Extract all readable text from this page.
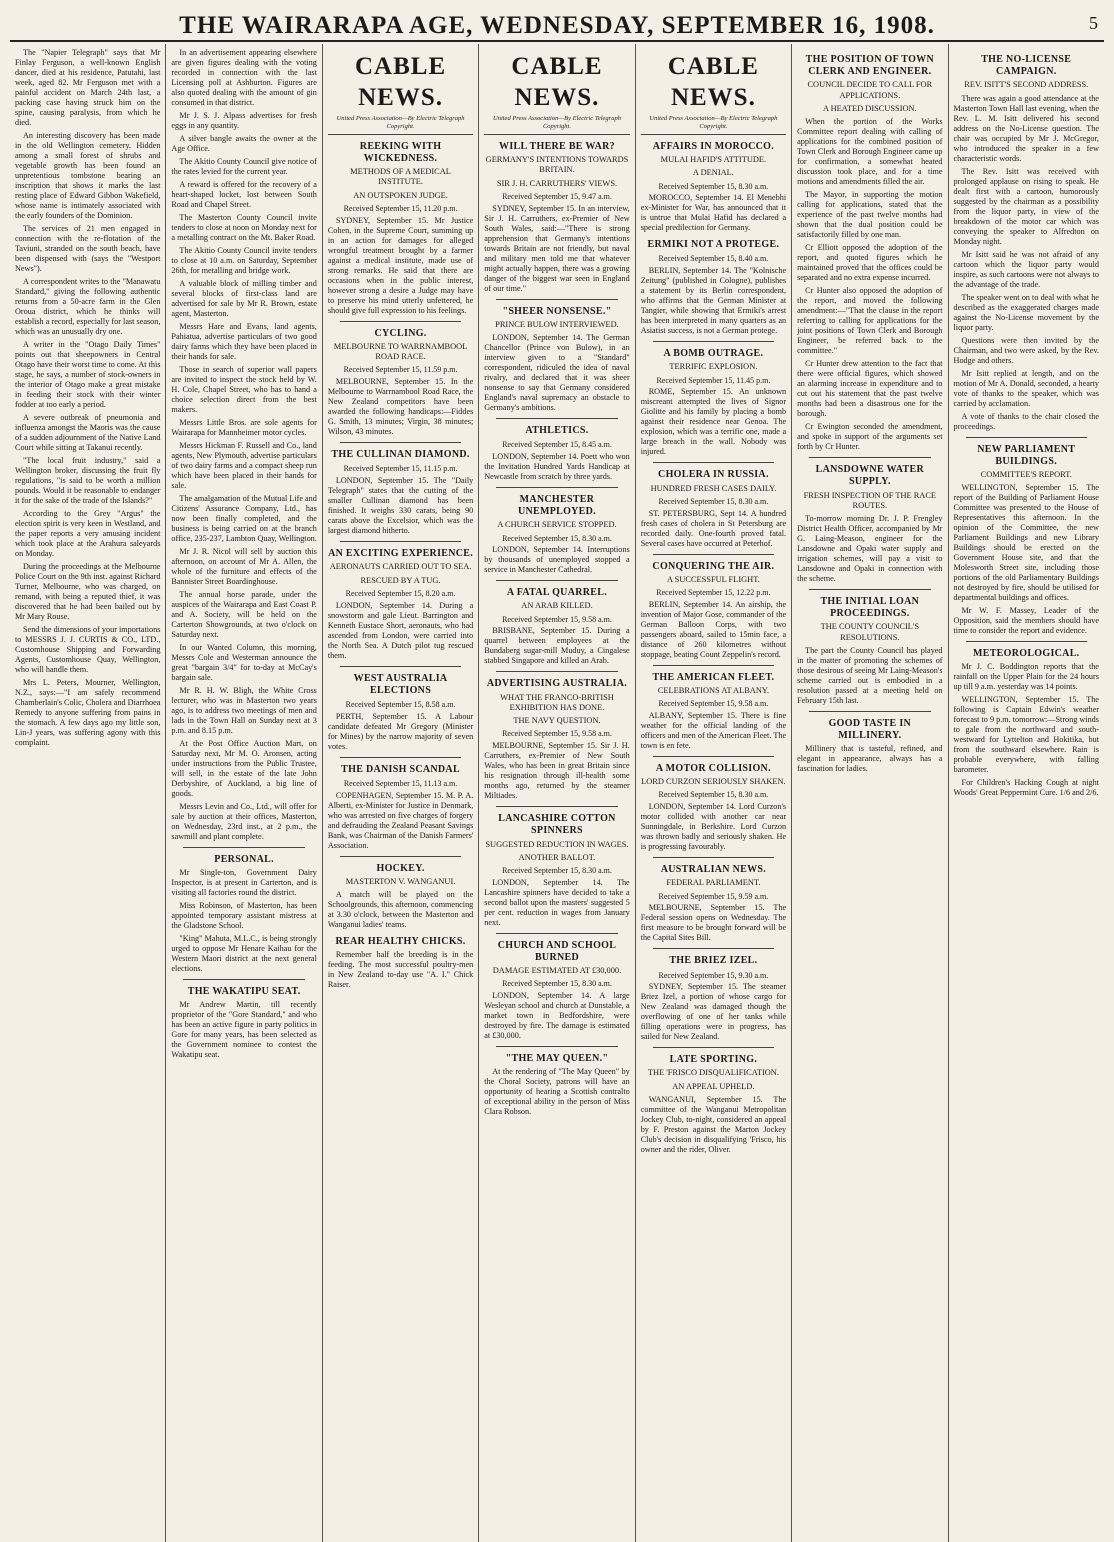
THE WAIRARAPA AGE, WEDNESDAY, SEPTEMBER 16, 1908.	5

The "Napier Telegraph" says that Mr Finlay Ferguson, a well-known English dancer, died at his residence, Patutahi, last week, aged 82. Mr Ferguson met with a painful accident on March 24th last, a packing case having struck him on the spine, causing paralysis, from which he died.

An interesting discovery has been made in the old Wellington cemetery. Hidden among a small forest of shrubs and vegetable growth has been found an unpretentious tombstone bearing an inscription that shows it marks the last resting place of Edward Gibbon Wakefield, whose name is intimately associated with the early founders of the Dominion.

The services of 21 men engaged in connection with the re-flotation of the Taviuni, stranded on the south beach, have been dispensed with (says the "Westport News").

A correspondent writes to the "Manawatu Standard," giving the following authentic returns from a 50-acre farm in the Glen Oroua district, which he thinks will establish a record, especially for last season, which was an unusually dry one.

A writer in the "Otago Daily Times" points out that sheepowners in Central Otago have their worst time to come. At this stage, he says, a number of stock-owners in the interior of Otago make a great mistake in feeding their stock with their winter fodder at too early a period.

A severe outbreak of pneumonia and influenza amongst the Maoris was the cause of a sudden adjournment of the Native Land Court while sitting at Takanui recently.

"The local fruit industry," said a Wellington broker, discussing the fruit fly regulations, "is said to be worth a million pounds. Would it be reasonable to endanger it for the sake of the trade of the Islands?"

According to the Grey "Argus" the election spirit is very keen in Westland, and the paper reports a very amusing incident which took place at the Arahura saleyards on Monday.

During the proceedings at the Melbourne Police Court on the 9th inst. against Richard Turner, Melbourne, who was charged, on remand, with being a reputed thief, it was discovered that he had been bailed out by Mr Mary Rouse.

Send the dimensions of your importations to MESSRS J. J. CURTIS & CO., LTD., Customhouse Shipping and Forwarding Agents, Customhouse Quay, Wellington, who will handle them.

Mrs L. Peters, Mourner, Wellington, N.Z., says:—"I am safely recommend Chamberlain's Colic, Cholera and Diarrhoea Remedy to anyone suffering from pains in the stomach. A few days ago my little son, Lin-J years, was suffering agony with this complaint.

In an advertisement appearing elsewhere are given figures dealing with the voting recorded in connection with the last Licensing poll at Ashburton. Figures are also quoted dealing with the amount of gin consumed in that district.

Mr J. S. J. Alpass advertises for fresh eggs in any quantity.

A silver bangle awaits the owner at the Age Office.

The Akitio County Council give notice of the rates levied for the current year.

A reward is offered for the recovery of a heart-shaped locket, lost between South Road and Chapel Street.

The Masterton County Council invite tenders to close at noon on Monday next for a metalling contract on the Mt. Baker Road.

The Akitio County Council invite tenders to close at 10 a.m. on Saturday, September 26th, for metalling and bridge work.

A valuable block of milling timber and several blocks of first-class land are advertised for sale by Mr R. Brown, estate agent, Masterton.

Messrs Hare and Evans, land agents, Pahiatua, advertise particulars of two good dairy farms which they have been placed in their hands for sale.

Those in search of superior wall papers are invited to inspect the stock held by W. H. Cole, Chapel Street, who has to hand a choice selection direct from the best makers.

Messrs Little Bros. are sole agents for Wairarapa for Mannheimer motor cycles.

Messrs Hickman F. Russell and Co., land agents, New Plymouth, advertise particulars of two dairy farms and a compact sheep run which have been placed in their hands for sale.

The amalgamation of the Mutual Life and Citizens' Assurance Company, Ltd., has now been finally completed, and the business is being carried on at the branch office, 235-237, Lambton Quay, Wellington.

Mr J. R. Nicol will sell by auction this afternoon, on account of Mr A. Allen, the whole of the furniture and effects of the Bannister Street Boardinghouse.

The annual horse parade, under the auspices of the Wairarapa and East Coast P. and A. Society, will be held on the Carterton Showgrounds, at two o'clock on Saturday next.

In our Wanted Column, this morning, Messrs Cole and Westerman announce the great "bargain 3/4" for to-day at McCay's bargain sale.

Mr R. H. W. Bligh, the White Cross lecturer, who was in Masterton two years ago, is to address two meetings of men and lads in the Town Hall on Sunday next at 3 p.m. and 8.15 p.m.

At the Post Office Auction Mart, on Saturday next, Mr M. O. Aronsen, acting under instructions from the Public Trustee, will sell, in the estate of the late John Derbyshire, of Auckland, a big line of goods.

Messrs Levin and Co., Ltd., will offer for sale by auction at their offices, Masterton, on Wednesday, 23rd inst., at 2 p.m., the sawmill and plant complete.

PERSONAL.

Mr Single-ton, Government Dairy Inspector, is at present in Carterton, and is visiting all factories round the district.

Miss Robinson, of Masterton, has been appointed temporary assistant mistress at the Gladstone School.

"King" Mahuta, M.L.C., is being strongly urged to oppose Mr Henare Kaihau for the Western Maori district at the next general elections.

THE WAKATIPU SEAT.

Mr Andrew Martin, till recently proprietor of the "Gore Standard," and who has been an active figure in party politics in Gore for many years, has been selected as the Government nominee to contest the Wakatipu seat.

CABLE NEWS.
United Press Association—By Electric Telegraph Copyright.
REEKING WITH WICKEDNESS.
METHODS OF A MEDICAL INSTITUTE.
AN OUTSPOKEN JUDGE.
Received September 15, 11.20 p.m.

SYDNEY, September 15. Mr Justice Cohen, in the Supreme Court, summing up in an action for damages for alleged wrongful treatment brought by a farmer against a medical institute, made use of strong remarks. He said that there are occasions when in the public interest, however strong a desire a Judge may have to preserve his mind utterly unfettered, he should give full expression to his feelings.

CYCLING.
MELBOURNE TO WARRNAMBOOL ROAD RACE.
Received September 15, 11.59 p.m.

MELBOURNE, September 15. In the Melbourne to Warrnambool Road Race, the New Zealand competitors have been awarded the following handicaps:—Fiddes G. Smith, 13 minutes; Virgin, 38 minutes; Wilson, 43 minutes.

THE CULLINAN DIAMOND.
Received September 15, 11.15 p.m.

LONDON, September 15. The "Daily Telegraph" states that the cutting of the smaller Cullinan diamond has been finished. It weighs 330 carats, being 90 carats above the Excelsior, which was the largest diamond hitherto.

AN EXCITING EXPERIENCE.
AERONAUTS CARRIED OUT TO SEA.
RESCUED BY A TUG.
Received September 15, 8.20 a.m.

LONDON, September 14. During a snowstorm and gale Lieut. Barrington and Kenneth Eustace Short, aeronauts, who had ascended from London, were carried into the North Sea. A Dutch pilot tug rescued them.

WEST AUSTRALIA ELECTIONS
Received September 15, 8.58 a.m.

PERTH, September 15. A Labour candidate defeated Mr Gregory (Minister for Mines) by the narrow majority of seven votes.

THE DANISH SCANDAL
Received September 15, 11.13 a.m.

COPENHAGEN, September 15. M. P. A. Alberti, ex-Minister for Justice in Denmark, who was arrested on five charges of forgery and defrauding the Zealand Peasant Savings Bank, was Chairman of the Danish Farmers' Association.

HOCKEY.
MASTERTON V. WANGANUI.

A match will be played on the Schoolgrounds, this afternoon, commencing at 3.30 o'clock, between the Masterton and Wanganui ladies' teams.

REAR HEALTHY CHICKS.

Remember half the breeding is in the feeding. The most successful poultry-men in New Zealand to-day use "A. I." Chick Raiser.

CABLE NEWS.
United Press Association—By Electric Telegraph Copyright.
WILL THERE BE WAR?
GERMANY'S INTENTIONS TOWARDS BRITAIN.
SIR J. H. CARRUTHERS' VIEWS.
Received September 15, 9.47 a.m.

SYDNEY, September 15. In an interview, Sir J. H. Carruthers, ex-Premier of New South Wales, said:—"There is strong apprehension that Germany's intentions towards Britain are not friendly, but naval and military men told me that whatever might actually happen, there was a growing danger of the biggest war seen in England of our time."

"SHEER NONSENSE."
PRINCE BULOW INTERVIEWED.

LONDON, September 14. The German Chancellor (Prince von Bulow), in an interview given to a "Standard" correspondent, ridiculed the idea of naval rivalry, and declared that it was sheer nonsense to say that Germany considered England's naval supremacy an obstacle to Germany's ambitions.

ATHLETICS.
Received September 15, 8.45 a.m.

LONDON, September 14. Poett who won the Invitation Hundred Yards Handicap at Newcastle from scratch by three yards.

MANCHESTER UNEMPLOYED.
A CHURCH SERVICE STOPPED.
Received September 15, 8.30 a.m.

LONDON, September 14. Interruptions by thousands of unemployed stopped a service in Manchester Cathedral.

A FATAL QUARREL.
AN ARAB KILLED.
Received September 15, 9.58 a.m.

BRISBANE, September 15. During a quarrel between employees at the Bundaberg sugar-mill Muduy, a Cingalese stabbed Singapore and killed an Arab.

ADVERTISING AUSTRALIA.
WHAT THE FRANCO-BRITISH EXHIBITION HAS DONE.
THE NAVY QUESTION.
Received September 15, 9.58 a.m.

MELBOURNE, September 15. Sir J. H. Carruthers, ex-Premier of New South Wales, who has been in great Britain since his resignation through ill-health some months ago, returned by the steamer Miltiades.

LANCASHIRE COTTON SPINNERS
SUGGESTED REDUCTION IN WAGES.
ANOTHER BALLOT.
Received September 15, 8.30 a.m.

LONDON, September 14. The Lancashire spinners have decided to take a second ballot upon the masters' suggested 5 per cent. reduction in wages from January next.

CHURCH AND SCHOOL BURNED
DAMAGE ESTIMATED AT £30,000.
Received September 15, 8.30 a.m.

LONDON, September 14. A large Wesleyan school and church at Dunstable, a market town in Bedfordshire, were destroyed by fire. The damage is estimated at £30,000.

"THE MAY QUEEN."

At the rendering of "The May Queen" by the Choral Society, patrons will have an opportunity of hearing a Scottish contralto of exceptional ability in the person of Miss Clara Robson.

CABLE NEWS.
United Press Association—By Electric Telegraph Copyright.
AFFAIRS IN MOROCCO.
MULAI HAFID'S ATTITUDE.
A DENIAL.
Received September 15, 8.30 a.m.

MOROCCO, September 14. El Menebhi ex-Minister for War, has announced that it is untrue that Mulai Hafid has declared a special predilection for Germany.

ERMIKI NOT A PROTEGE.
Received September 15, 8.40 a.m.

BERLIN, September 14. The "Kolnische Zeitung" (published in Cologne), publishes a statement by its Berlin correspondent, who affirms that the German Minister at Tangier, while showing that Ermiki's arrest has been interpreted in many quarters as an Asiatist success, is not a German protege.

A BOMB OUTRAGE.
TERRIFIC EXPLOSION.
Received September 15, 11.45 p.m.

ROME, September 15. An unknown miscreant attempted the lives of Signor Giolitte and his family by placing a bomb against their residence near Genoa. The explosion, which was a terrific one, made a large breach in the wall. Nobody was injured.

CHOLERA IN RUSSIA.
HUNDRED FRESH CASES DAILY.
Received September 15, 8.30 a.m.

ST. PETERSBURG, Sept 14. A hundred fresh cases of cholera in St Petersburg are recorded daily. One-fourth proved fatal. Several cases have occurred at Peterhof.

CONQUERING THE AIR.
A SUCCESSFUL FLIGHT.
Received September 15, 12.22 p.m.

BERLIN, September 14. An airship, the invention of Major Gose, commander of the German Balloon Corps, with two passengers aboard, sailed to 15min face, a distance of 260 kilometres without stoppage, beating Count Zeppelin's record.

THE AMERICAN FLEET.
CELEBRATIONS AT ALBANY.
Received September 15, 9.58 a.m.

ALBANY, September 15. There is fine weather for the official landing of the officers and men of the American Fleet. The town is en fete.

A MOTOR COLLISION.
LORD CURZON SERIOUSLY SHAKEN.
Received September 15, 8.30 a.m.

LONDON, September 14. Lord Curzon's motor collided with another car near Sunningdale, in Berkshire. Lord Curzon was thrown badly and seriously shaken. He is progressing favourably.

AUSTRALIAN NEWS.
FEDERAL PARLIAMENT.
Received September 15, 9.59 a.m.

MELBOURNE, September 15. The Federal session opens on Wednesday. The first measure to be brought forward will be the Capital Sites Bill.

THE BRIEZ IZEL.
Received September 15, 9.30 a.m.

SYDNEY, September 15. The steamer Briez Izel, a portion of whose cargo for New Zealand was damaged though the overflowing of one of her tanks while filling operations were in progress, has sailed for New Zealand.

LATE SPORTING.
THE 'FRISCO DISQUALIFICATION.
AN APPEAL UPHELD.

WANGANUI, September 15. The committee of the Wanganui Metropolitan Jockey Club, to-night, considered an appeal by F. Preston against the Marton Jockey Club's decision in disqualifying 'Frisco, his owner and the rider, Oliver.

THE POSITION OF TOWN CLERK AND ENGINEER.
COUNCIL DECIDE TO CALL FOR APPLICATIONS.
A HEATED DISCUSSION.

When the portion of the Works Committee report dealing with calling of applications for the combined position of Town Clerk and Borough Engineer came up for confirmation, a somewhat heated discussion took place, and for a time motions and amendments filled the air.

The Mayor, in supporting the motion calling for applications, stated that the experience of the past twelve months had shown that the dual position could be satisfactorily filled by one man.

Cr Elliott opposed the adoption of the report, and quoted figures which he maintained proved that the offices could be separated and no extra expense incurred.

Cr Hunter also opposed the adoption of the report, and moved the following amendment:—"That the clause in the report referring to calling for applications for the joint positions of Town Clerk and Borough Engineer, be referred back to the committee."

Cr Hunter drew attention to the fact that there were official figures, which showed an alarming increase in expenditure and to cut out his statement that the past twelve months had been a disastrous one for the borough.

Cr Ewington seconded the amendment, and spoke in support of the arguments set forth by Cr Hunter.

LANSDOWNE WATER SUPPLY.
FRESH INSPECTION OF THE RACE ROUTES.

To-morrow morning Dr. J. P. Frengley District Health Officer, accompanied by Mr G. Laing-Meason, engineer for the Lansdowne and Opaki water supply and irrigation schemes, will pay a visit to Lansdowne and Opaki in connection with the scheme.

THE INITIAL LOAN PROCEEDINGS.
THE COUNTY COUNCIL'S RESOLUTIONS.

The part the County Council has played in the matter of promoting the schemes of those desirous of seeing Mr Laing-Meason's scheme carried out is embodied in a resolution passed at a meeting held on February 15th last.

GOOD TASTE IN MILLINERY.

Millinery that is tasteful, refined, and elegant in appearance, always has a fascination for ladies.

THE NO-LICENSE CAMPAIGN.
REV. ISITT'S SECOND ADDRESS.

There was again a good attendance at the Masterton Town Hall last evening, when the Rev. L. M. Isitt delivered his second address on the No-License question. The chair was occupied by Mr J. McGregor, who introduced the speaker in a few characteristic words.

The Rev. Isitt was received with prolonged applause on rising to speak. He dealt first with a cartoon, humorously suggested by the chairman as a possibility from the liquor party, in view of the breakdown of the motor car which was conveying the speaker to Alfredton on Monday night.

Mr Isitt said he was not afraid of any cartoon which the liquor party would inspire, as such cartoons were not always to the advantage of the trade.

The speaker went on to deal with what he described as the exaggerated charges made against the No-License movement by the liquor party.

Questions were then invited by the Chairman, and two were asked, by the Rev. Hodge and others.

Mr Isitt replied at length, and on the motion of Mr A. Donald, seconded, a hearty vote of thanks to the speaker, which was carried by acclamation.

A vote of thanks to the chair closed the proceedings.

NEW PARLIAMENT BUILDINGS.
COMMITTEE'S REPORT.

WELLINGTON, September 15. The report of the Building of Parliament House Committee was presented to the House of Representatives this afternoon. In the opinion of the Committee, the new Parliament Buildings and new Library Buildings should be erected on the Government House site, and that the Molesworth Street site, including those portions of the old Parliamentary Buildings not destroyed by fire, should be utilised for departmental buildings and offices.

Mr W. F. Massey, Leader of the Opposition, said the members should have time to consider the report and evidence.

METEOROLOGICAL.

Mr J. C. Boddington reports that the rainfall on the Upper Plain for the 24 hours up till 9 a.m. yesterday was 14 points.

WELLINGTON, September 15. The following is Captain Edwin's weather forecast to 9 p.m. tomorrow:—Strong winds to gale from the northward and south-westward for Lyttelton and Hokitika, but from the southward elsewhere. Rain is probable everywhere, with falling barometer.

For Children's Hacking Cough at night Woods' Great Peppermint Cure. 1/6 and 2/6.
